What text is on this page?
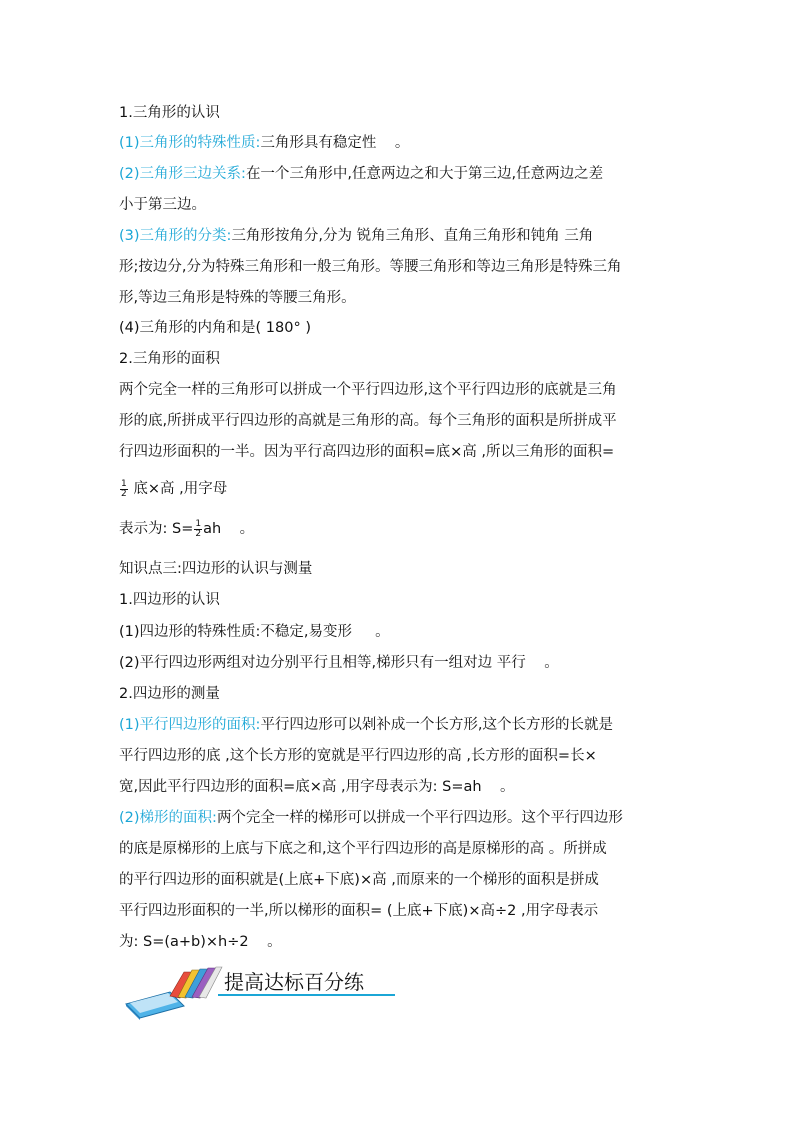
1.三角形的认识
(1)三角形的特殊性质:三角形具有稳定性 。
(2)三角形三边关系:在一个三角形中,任意两边之和大于第三边,任意两边之差
小于第三边。
(3)三角形的分类:三角形按角分,分为 锐角三角形、直角三角形和钝角 三角
形;按边分,分为特殊三角形和一般三角形。等腰三角形和等边三角形是特殊三角
形,等边三角形是特殊的等腰三角形。
(4)三角形的内角和是( 180° )
2.三角形的面积
两个完全一样的三角形可以拼成一个平行四边形,这个平行四边形的底就是三角
形的底,所拼成平行四边形的高就是三角形的高。每个三角形的面积是所拼成平
行四边形面积的一半。因为平行高四边形的面积=底×高 ,所以三角形的面积=
$\frac{1}{2}$ 底×高 ,用字母
表示为: $S= \frac{1}{2}$ ah 。
知识点三:四边形的认识与测量
1.四边形的认识
(1)四边形的特殊性质:不稳定,易变形 。
(2)平行四边形两组对边分别平行且相等,梯形只有一组对边 平行 。
2.四边形的测量
(1)平行四边形的面积:平行四边形可以剁补成一个长方形,这个长方形的长就是
平行四边形的底 ,这个长方形的宽就是平行四边形的高 ,长方形的面积=长×
宽,因此平行四边形的面积=底×高 ,用字母表示为: S=ah 。
(2)梯形的面积:两个完全一样的梯形可以拼成一个平行四边形。这个平行四边形
的底是原梯形的上底与下底之和,这个平行四边形的高是原梯形的高 。所拼成
的平行四边形的面积就是(上底+下底)×高 ,而原来的一个梯形的面积是拼成
平行四边形面积的一半,所以梯形的面积= (上底+下底)×高÷2 ,用字母表示
为: S=(a+b)×h÷2 。
提高达标百分练
